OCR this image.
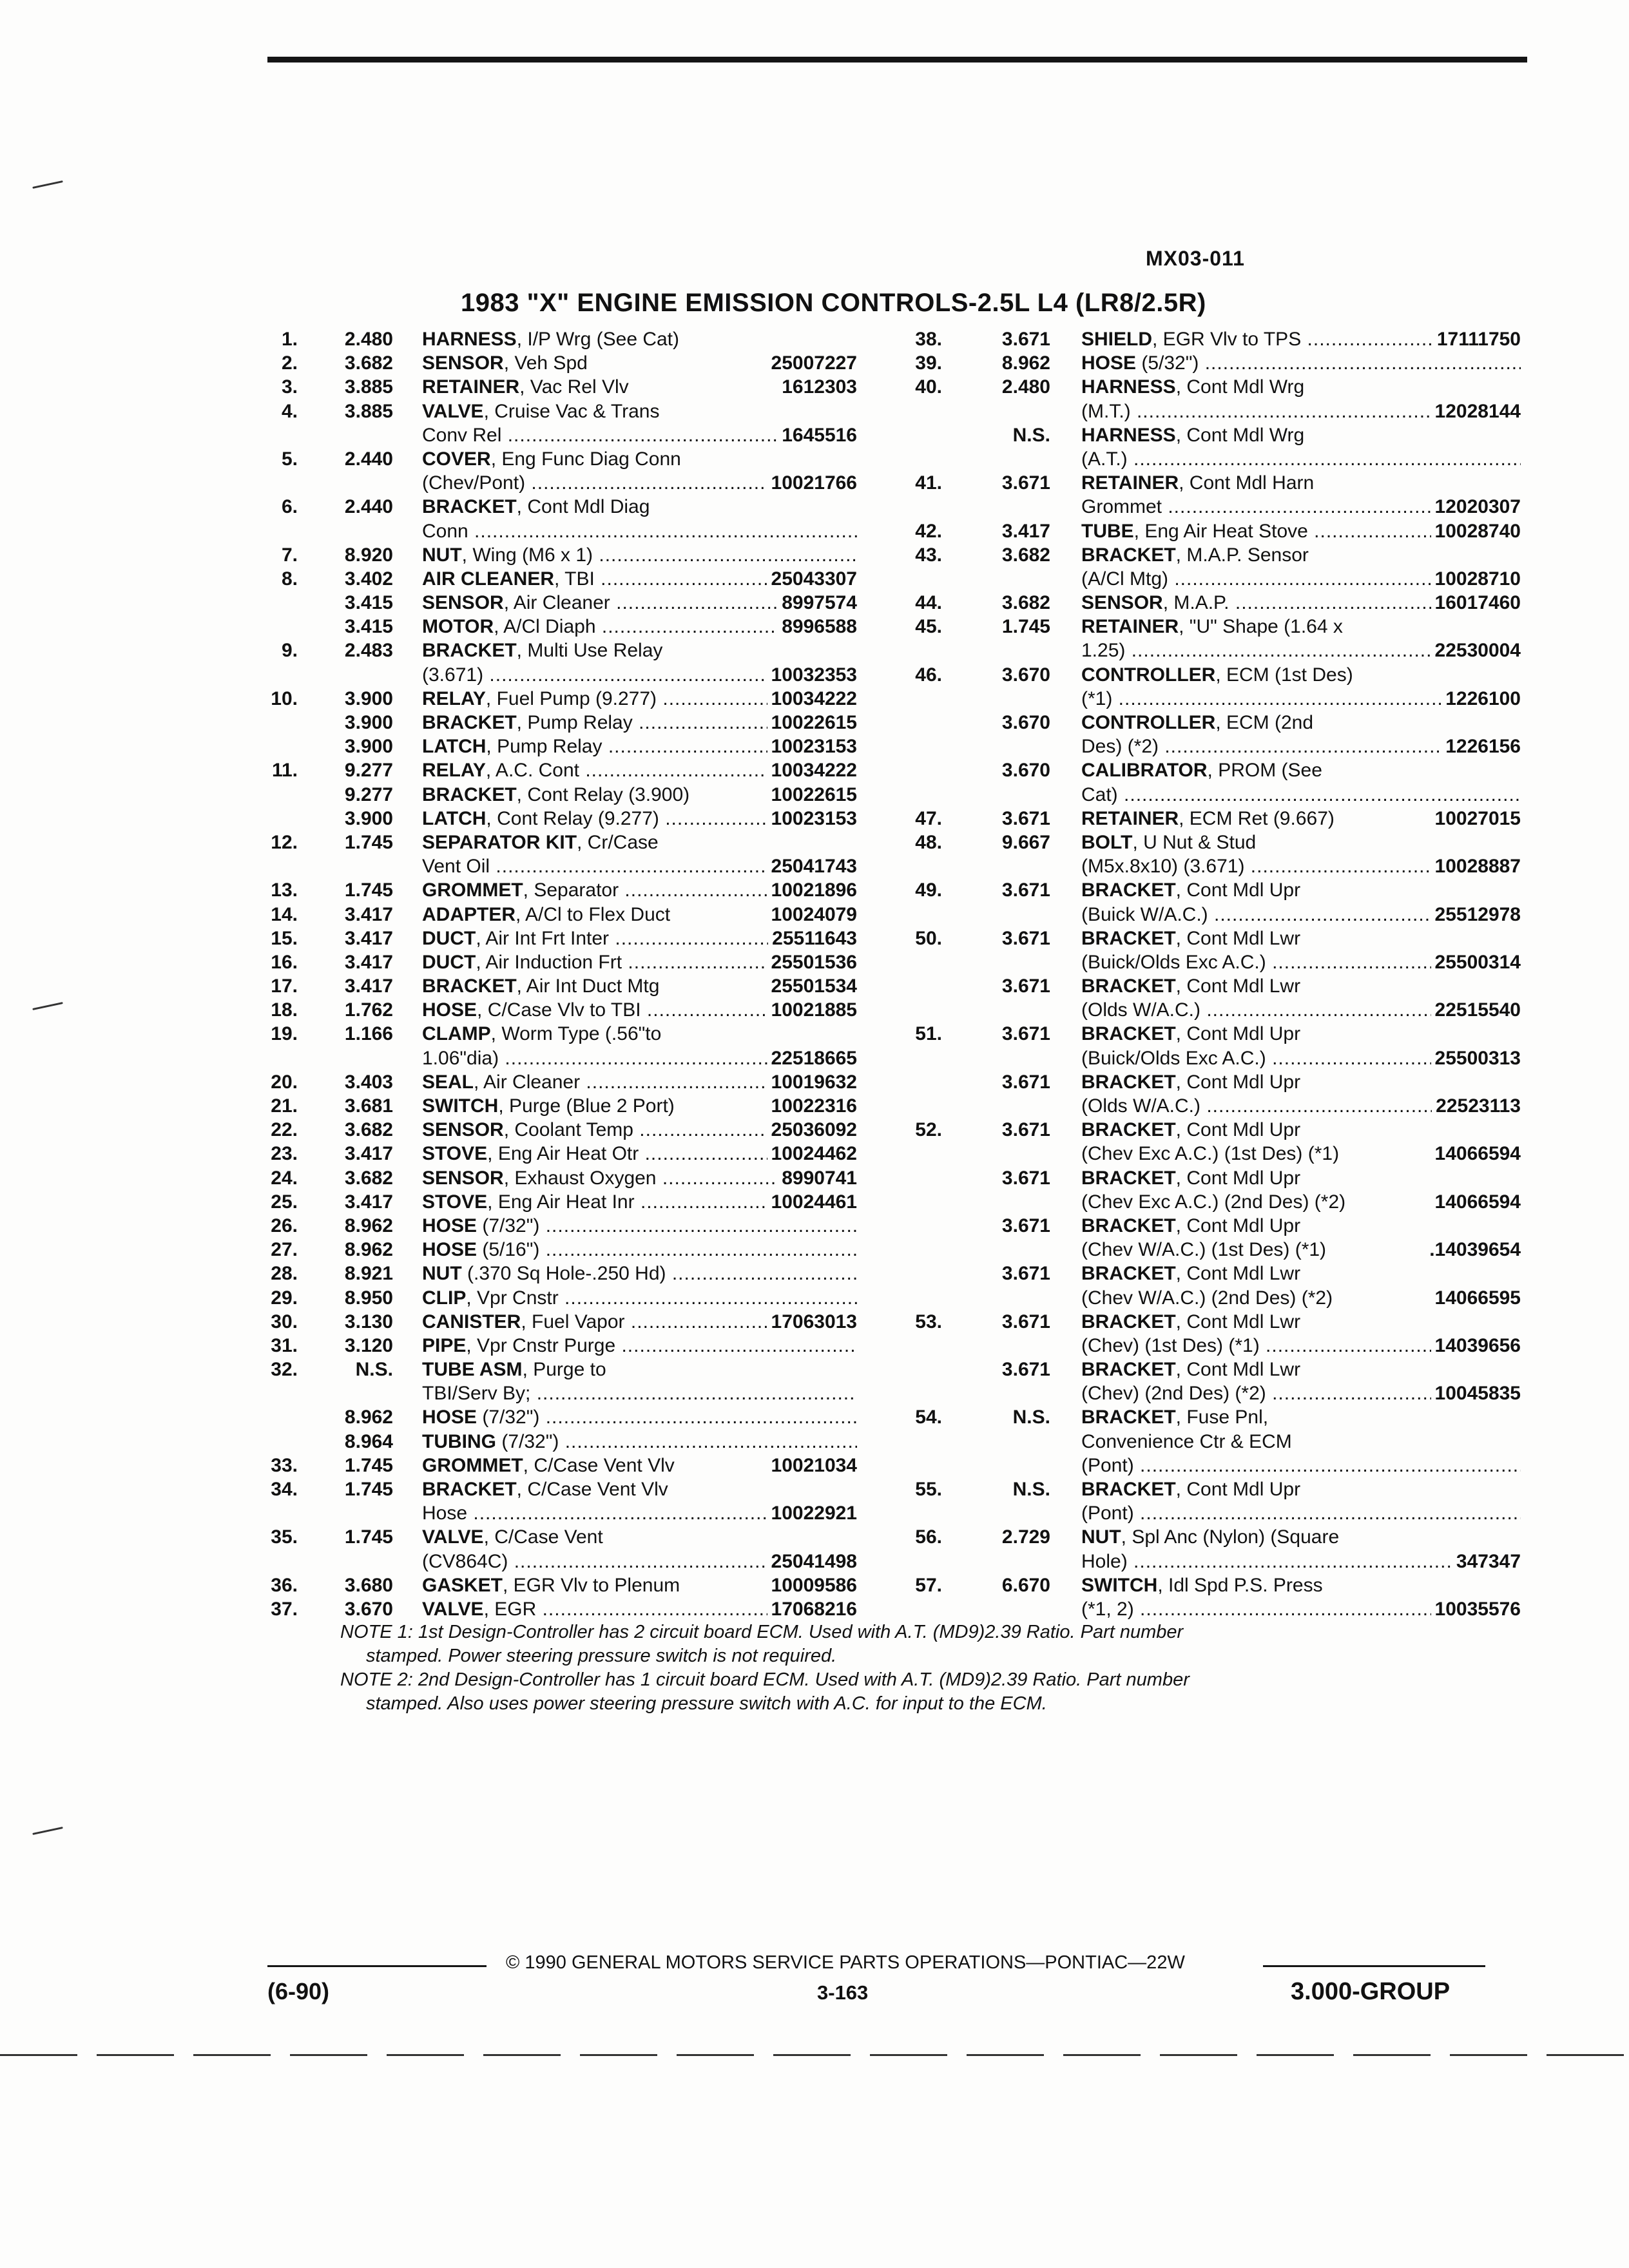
MX03-011
1983 "X" ENGINE EMISSION CONTROLS-2.5L L4 (LR8/2.5R)
1.	2.480 HARNESS, I/P Wrg (See Cat)
2.	3.682 SENSOR, Veh Spd	25007227
3.	3.885 RETAINER, Vac Rel Vlv	1612303
4.	3.885 VALVE, Cruise Vac & Trans
Conv Rel .....	1645516
5.	2.440 COVER, Eng Func Diag Conn
(Chev/Pont) .....	10021766
6.	2.440 BRACKET, Cont Mdl Diag
Conn .....
7.	8.920 NUT, Wing (M6 x 1) .....
8.	3.402 AIR CLEANER, TBI .....	25043307
3.415 SENSOR, Air Cleaner .....	8997574
3.415 MOTOR, A/Cl Diaph .....	8996588
9.	2.483 BRACKET, Multi Use Relay
(3.671) .....	10032353
10.	3.900 RELAY, Fuel Pump (9.277) .....	10034222
3.900 BRACKET, Pump Relay .....	10022615
3.900 LATCH, Pump Relay .....	10023153
11.	9.277 RELAY, A.C. Cont .....	10034222
9.277 BRACKET, Cont Relay (3.900)	10022615
3.900 LATCH, Cont Relay (9.277) .....	10023153
12.	1.745 SEPARATOR KIT, Cr/Case
Vent Oil .....	25041743
13.	1.745 GROMMET, Separator .....	10021896
14.	3.417 ADAPTER, A/Cl to Flex Duct	10024079
15.	3.417 DUCT, Air Int Frt Inter .....	25511643
16.	3.417 DUCT, Air Induction Frt .....	25501536
17.	3.417 BRACKET, Air Int Duct Mtg	25501534
18.	1.762 HOSE, C/Case Vlv to TBI .....	10021885
19.	1.166 CLAMP, Worm Type (.56"to
1.06"dia) .....	22518665
20.	3.403 SEAL, Air Cleaner .....	10019632
21.	3.681 SWITCH, Purge (Blue 2 Port)	10022316
22.	3.682 SENSOR, Coolant Temp .....	25036092
23.	3.417 STOVE, Eng Air Heat Otr .....	10024462
24.	3.682 SENSOR, Exhaust Oxygen .....	8990741
25.	3.417 STOVE, Eng Air Heat Inr .....	10024461
26.	8.962 HOSE (7/32") .....
27.	8.962 HOSE (5/16") .....
28.	8.921 NUT (.370 Sq Hole-.250 Hd) .....
29.	8.950 CLIP, Vpr Cnstr .....
30.	3.130 CANISTER, Fuel Vapor .....	17063013
31.	3.120 PIPE, Vpr Cnstr Purge .....
32.	N.S. TUBE ASM, Purge to
TBI/Serv By; .....
8.962 HOSE (7/32") .....
8.964 TUBING (7/32") .....
33.	1.745 GROMMET, C/Case Vent Vlv	10021034
34.	1.745 BRACKET, C/Case Vent Vlv
Hose .....	10022921
35.	1.745 VALVE, C/Case Vent
(CV864C) .....	25041498
36.	3.680 GASKET, EGR Vlv to Plenum	10009586
37.	3.670 VALVE, EGR .....	17068216
38.	3.671 SHIELD, EGR Vlv to TPS .....	17111750
39.	8.962 HOSE (5/32") .....
40.	2.480 HARNESS, Cont Mdl Wrg
(M.T.) .....	12028144
N.S. HARNESS, Cont Mdl Wrg
(A.T.) .....
41.	3.671 RETAINER, Cont Mdl Harn
Grommet .....	12020307
42.	3.417 TUBE, Eng Air Heat Stove .....	10028740
43.	3.682 BRACKET, M.A.P. Sensor
(A/Cl Mtg) .....	10028710
44.	3.682 SENSOR, M.A.P. .....	16017460
45.	1.745 RETAINER, "U" Shape (1.64 x
1.25) .....	22530004
46.	3.670 CONTROLLER, ECM (1st Des)
(*1) .....	1226100
3.670 CONTROLLER, ECM (2nd
Des) (*2) .....	1226156
3.670 CALIBRATOR, PROM (See
Cat) .....
47.	3.671 RETAINER, ECM Ret (9.667)	10027015
48.	9.667 BOLT, U Nut & Stud
(M5x.8x10) (3.671) .....	10028887
49.	3.671 BRACKET, Cont Mdl Upr
(Buick W/A.C.) .....	25512978
50.	3.671 BRACKET, Cont Mdl Lwr
(Buick/Olds Exc A.C.) .....	25500314
3.671 BRACKET, Cont Mdl Lwr
(Olds W/A.C.) .....	22515540
51.	3.671 BRACKET, Cont Mdl Upr
(Buick/Olds Exc A.C.) .....	25500313
3.671 BRACKET, Cont Mdl Upr
(Olds W/A.C.) .....	22523113
52.	3.671 BRACKET, Cont Mdl Upr
(Chev Exc A.C.) (1st Des) (*1)	14066594
3.671 BRACKET, Cont Mdl Upr
(Chev Exc A.C.) (2nd Des) (*2)	14066594
3.671 BRACKET, Cont Mdl Upr
(Chev W/A.C.) (1st Des) (*1)	.14039654
3.671 BRACKET, Cont Mdl Lwr
(Chev W/A.C.) (2nd Des) (*2)	14066595
53.	3.671 BRACKET, Cont Mdl Lwr
(Chev) (1st Des) (*1) .....	14039656
3.671 BRACKET, Cont Mdl Lwr
(Chev) (2nd Des) (*2) .....	10045835
54.	N.S. BRACKET, Fuse Pnl,
Convenience Ctr & ECM
(Pont) .....
55.	N.S. BRACKET, Cont Mdl Upr
(Pont) .....
56.	2.729 NUT, Spl Anc (Nylon) (Square
Hole) .....	347347
57.	6.670 SWITCH, Idl Spd P.S. Press
(*1, 2) .....	10035576

NOTE 1: 1st Design-Controller has 2 circuit board ECM. Used with A.T. (MD9)2.39 Ratio. Part number

stamped. Power steering pressure switch is not required.

NOTE 2: 2nd Design-Controller has 1 circuit board ECM. Used with A.T. (MD9)2.39 Ratio. Part number

stamped. Also uses power steering pressure switch with A.C. for input to the ECM.

© 1990 GENERAL MOTORS SERVICE PARTS OPERATIONS—PONTIAC—22W
(6-90)	3-163	3.000-GROUP
